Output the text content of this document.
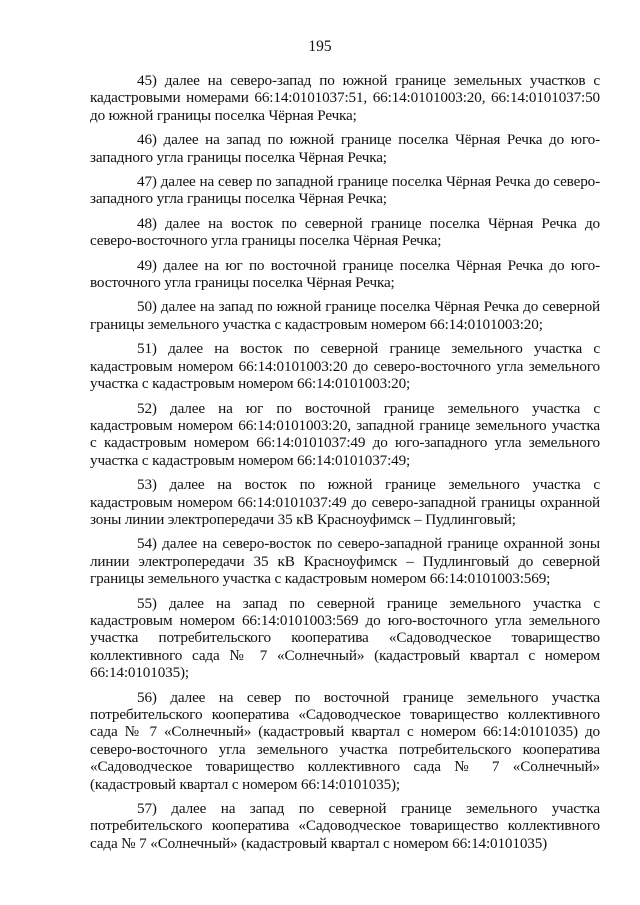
195

45) далее на северо-запад по южной границе земельных участков с кадастровыми номерами 66:14:0101037:51, 66:14:0101003:20, 66:14:0101037:50 до южной границы поселка Чёрная Речка;

46) далее на запад по южной границе поселка Чёрная Речка до юго-западного угла границы поселка Чёрная Речка;

47) далее на север по западной границе поселка Чёрная Речка до северо-западного угла границы поселка Чёрная Речка;

48) далее на восток по северной границе поселка Чёрная Речка до северо-восточного угла границы поселка Чёрная Речка;

49) далее на юг по восточной границе поселка Чёрная Речка до юго-восточного угла границы поселка Чёрная Речка;

50) далее на запад по южной границе поселка Чёрная Речка до северной границы земельного участка с кадастровым номером 66:14:0101003:20;

51) далее на восток по северной границе земельного участка с кадастровым номером 66:14:0101003:20 до северо-восточного угла земельного участка с кадастровым номером 66:14:0101003:20;

52) далее на юг по восточной границе земельного участка с кадастровым номером 66:14:0101003:20, западной границе земельного участка с кадастровым номером 66:14:0101037:49 до юго-западного угла земельного участка с кадастровым номером 66:14:0101037:49;

53) далее на восток по южной границе земельного участка с кадастровым номером 66:14:0101037:49 до северо-западной границы охранной зоны линии электропередачи 35 кВ Красноуфимск – Пудлинговый;

54) далее на северо-восток по северо-западной границе охранной зоны линии электропередачи 35 кВ Красноуфимск – Пудлинговый до северной границы земельного участка с кадастровым номером 66:14:0101003:569;

55) далее на запад по северной границе земельного участка с кадастровым номером 66:14:0101003:569 до юго-восточного угла земельного участка потребительского кооператива «Садоводческое товарищество коллективного сада № 7 «Солнечный» (кадастровый квартал с номером 66:14:0101035);

56) далее на север по восточной границе земельного участка потребительского кооператива «Садоводческое товарищество коллективного сада № 7 «Солнечный» (кадастровый квартал с номером 66:14:0101035) до северо-восточного угла земельного участка потребительского кооператива «Садоводческое товарищество коллективного сада № 7 «Солнечный» (кадастровый квартал с номером 66:14:0101035);

57) далее на запад по северной границе земельного участка потребительского кооператива «Садоводческое товарищество коллективного сада № 7 «Солнечный» (кадастровый квартал с номером 66:14:0101035)
